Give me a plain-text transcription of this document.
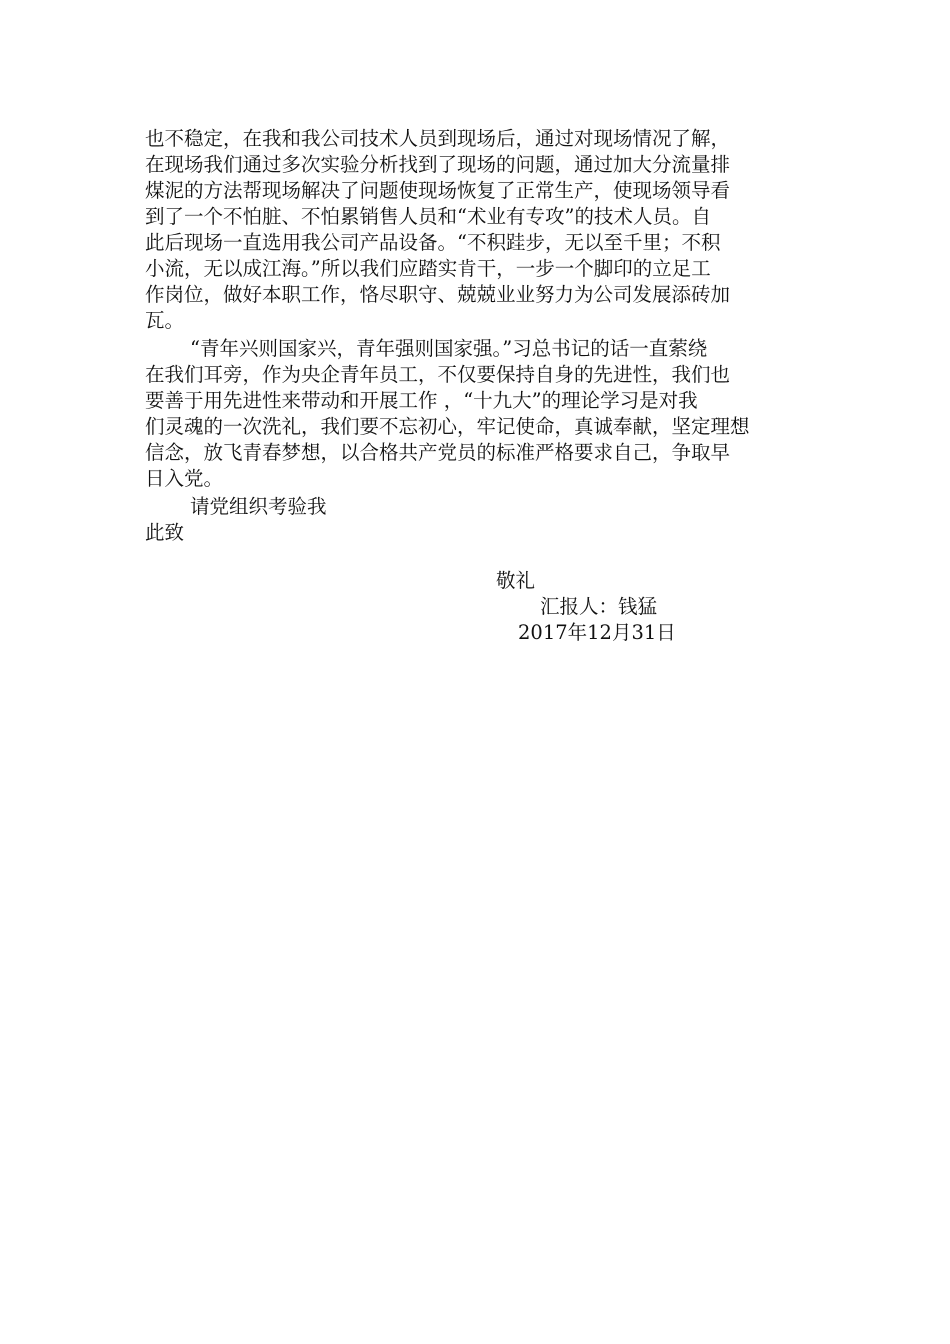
也不稳定，在我和我公司技术人员到现场后，通过对现场情况了解，
在现场我们通过多次实验分析找到了现场的问题，通过加大分流量排
煤泥的方法帮现场解决了问题使现场恢复了正常生产，使现场领导看
到了一个不怕脏、不怕累销售人员和“术业有专攻”的技术人员。自
此后现场一直选用我公司产品设备。“不积跬步，无以至千里；不积
小流，无以成江海。”所以我们应踏实肯干，一步一个脚印的立足工
作岗位，做好本职工作，恪尽职守、兢兢业业努力为公司发展添砖加
瓦。
“青年兴则国家兴，青年强则国家强。”习总书记的话一直萦绕
在我们耳旁，作为央企青年员工，不仅要保持自身的先进性，我们也
要善于用先进性来带动和开展工作 ，“十九大”的理论学习是对我
们灵魂的一次洗礼，我们要不忘初心，牢记使命，真诚奉献，坚定理想
信念，放飞青春梦想，以合格共产党员的标准严格要求自己，争取早
日入党。
请党组织考验我
此致
敬礼
汇报人：钱猛
2017年12月31日
